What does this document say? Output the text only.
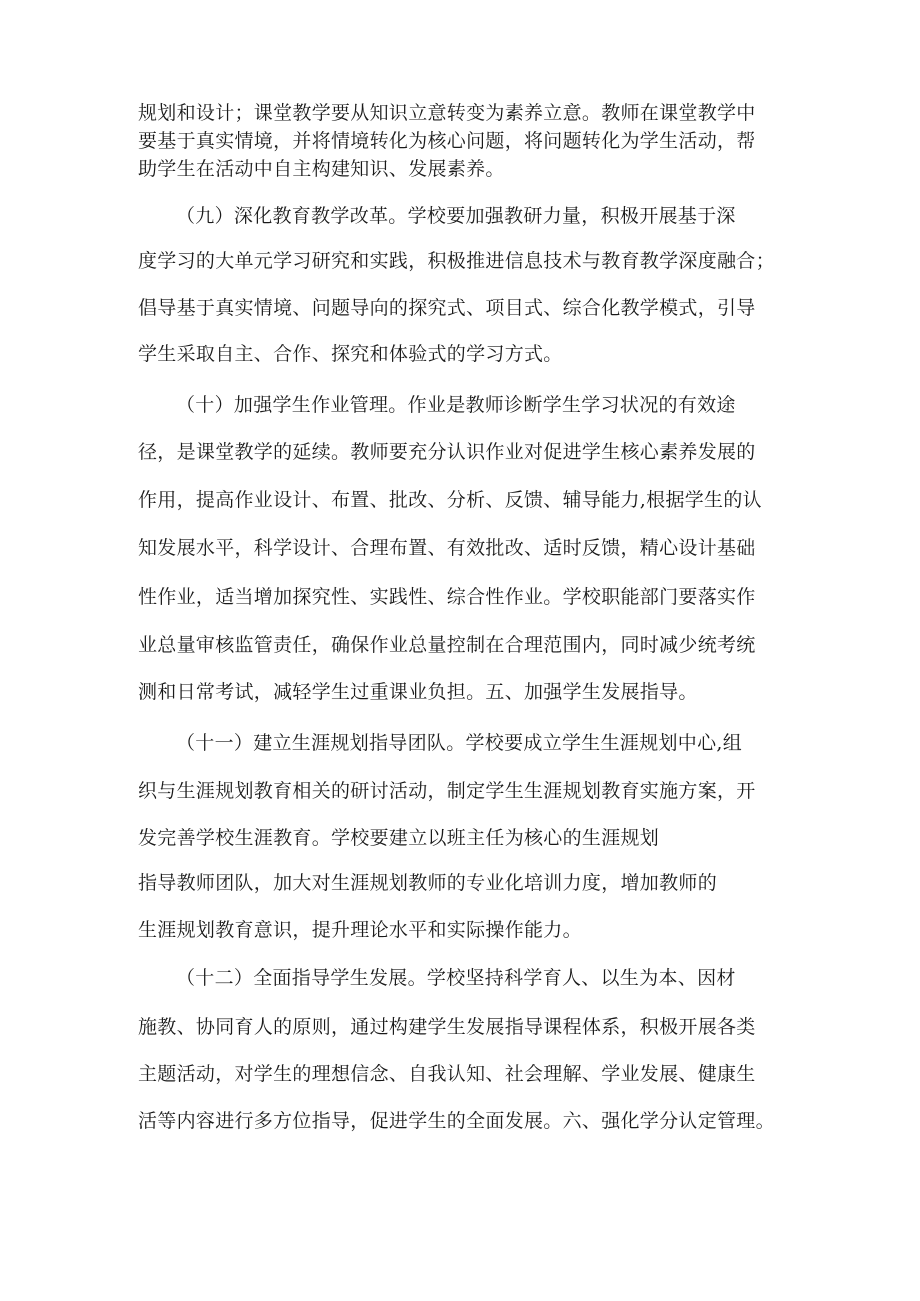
规划和设计；课堂教学要从知识立意转变为素养立意。教师在课堂教学中
要基于真实情境，并将情境转化为核心问题，将问题转化为学生活动，帮
助学生在活动中自主构建知识、发展素养。
（九）深化教育教学改革。学校要加强教研力量，积极开展基于深
度学习的大单元学习研究和实践，积极推进信息技术与教育教学深度融合；
倡导基于真实情境、问题导向的探究式、项目式、综合化教学模式，引导
学生采取自主、合作、探究和体验式的学习方式。
（十）加强学生作业管理。作业是教师诊断学生学习状况的有效途
径，是课堂教学的延续。教师要充分认识作业对促进学生核心素养发展的
作用，提高作业设计、布置、批改、分析、反馈、辅导能力,根据学生的认
知发展水平，科学设计、合理布置、有效批改、适时反馈，精心设计基础
性作业，适当增加探究性、实践性、综合性作业。学校职能部门要落实作
业总量审核监管责任，确保作业总量控制在合理范围内，同时减少统考统
测和日常考试，减轻学生过重课业负担。五、加强学生发展指导。
（十一）建立生涯规划指导团队。学校要成立学生生涯规划中心,组
织与生涯规划教育相关的研讨活动，制定学生生涯规划教育实施方案，开
发完善学校生涯教育。学校要建立以班主任为核心的生涯规划
指导教师团队，加大对生涯规划教师的专业化培训力度，增加教师的
生涯规划教育意识，提升理论水平和实际操作能力。
（十二）全面指导学生发展。学校坚持科学育人、以生为本、因材
施教、协同育人的原则，通过构建学生发展指导课程体系，积极开展各类
主题活动，对学生的理想信念、自我认知、社会理解、学业发展、健康生
活等内容进行多方位指导，促进学生的全面发展。六、强化学分认定管理。
